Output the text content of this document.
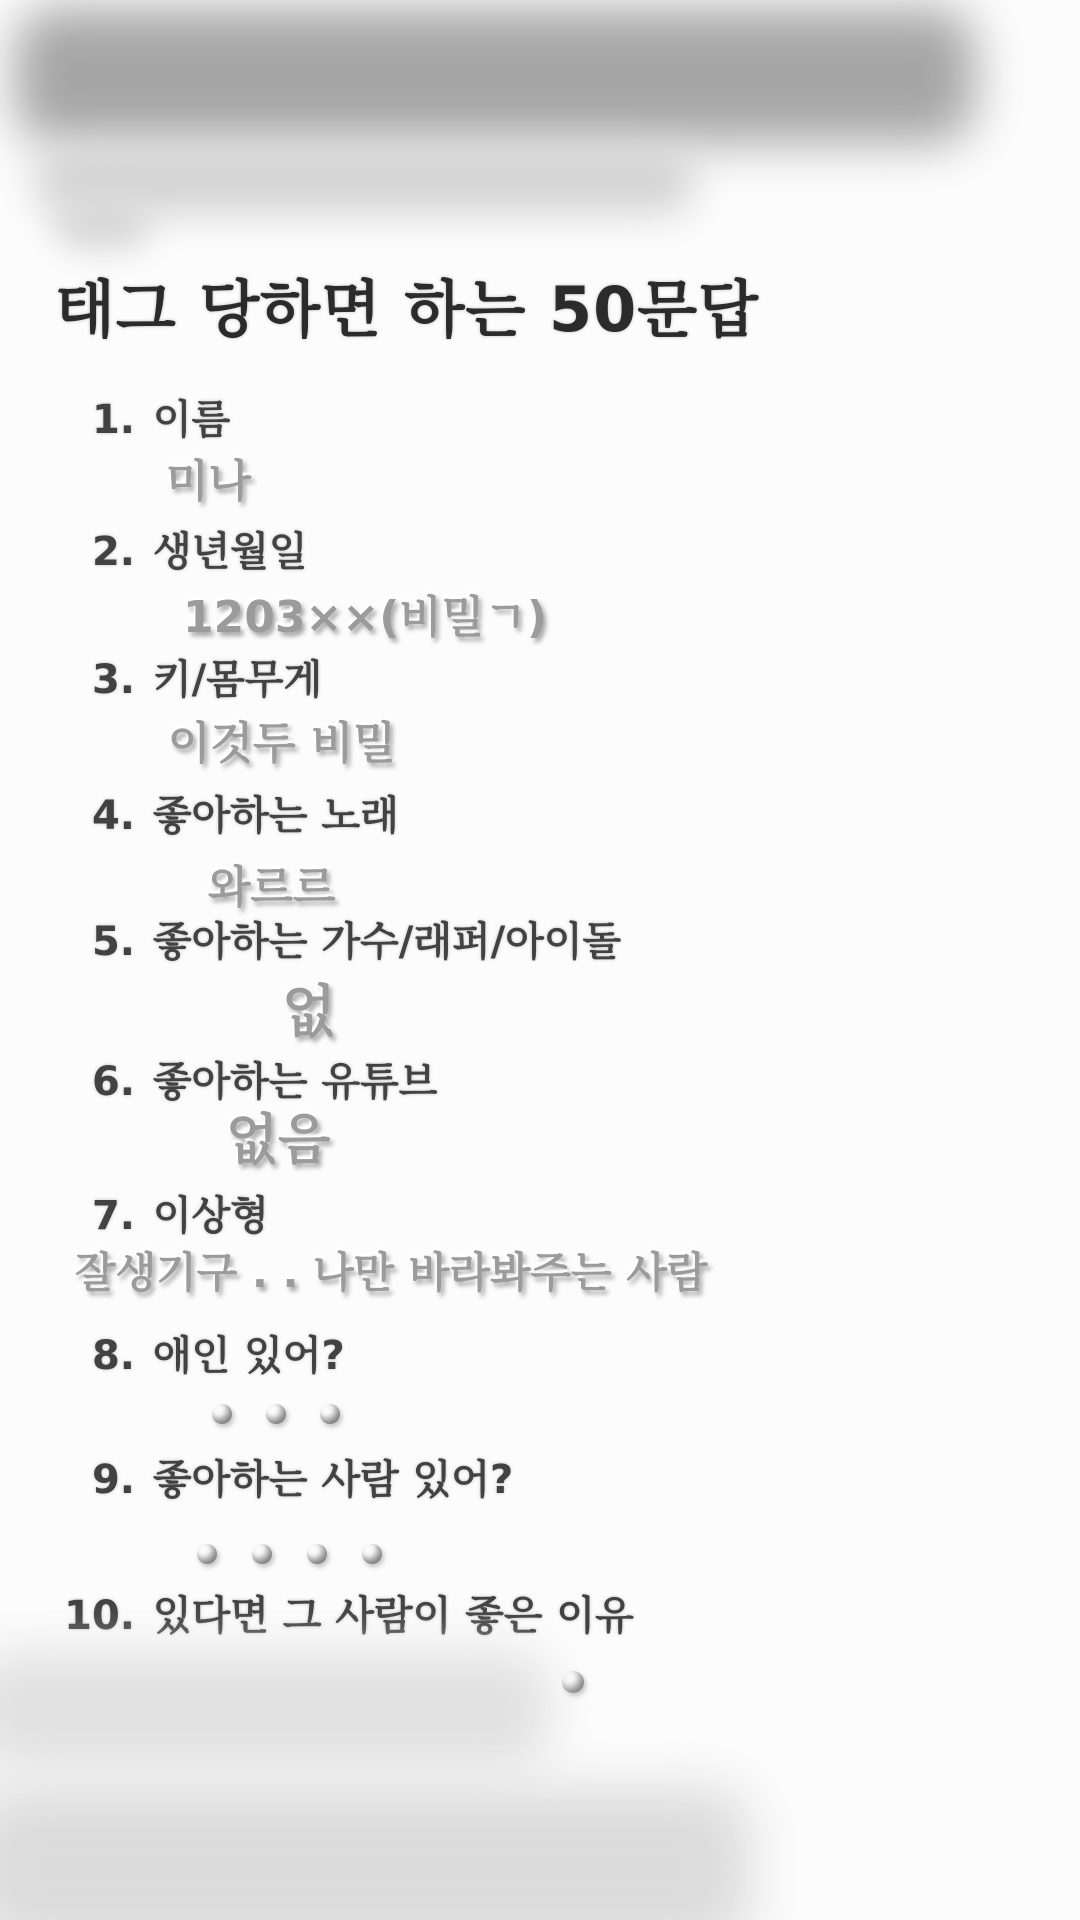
태그 당하면 하는 50문답
1. 이름
미나
2. 생년월일
1203××(비밀ㄱ)
3. 키/몸무게
이것두 비밀
4. 좋아하는 노래
와르르
5. 좋아하는 가수/래퍼/아이돌
없
6. 좋아하는 유튜브
없음
7. 이상형
잘생기구 . . 나만 바라봐주는 사람
8. 애인 있어?
9. 좋아하는 사람 있어?
10. 있다면 그 사람이 좋은 이유
